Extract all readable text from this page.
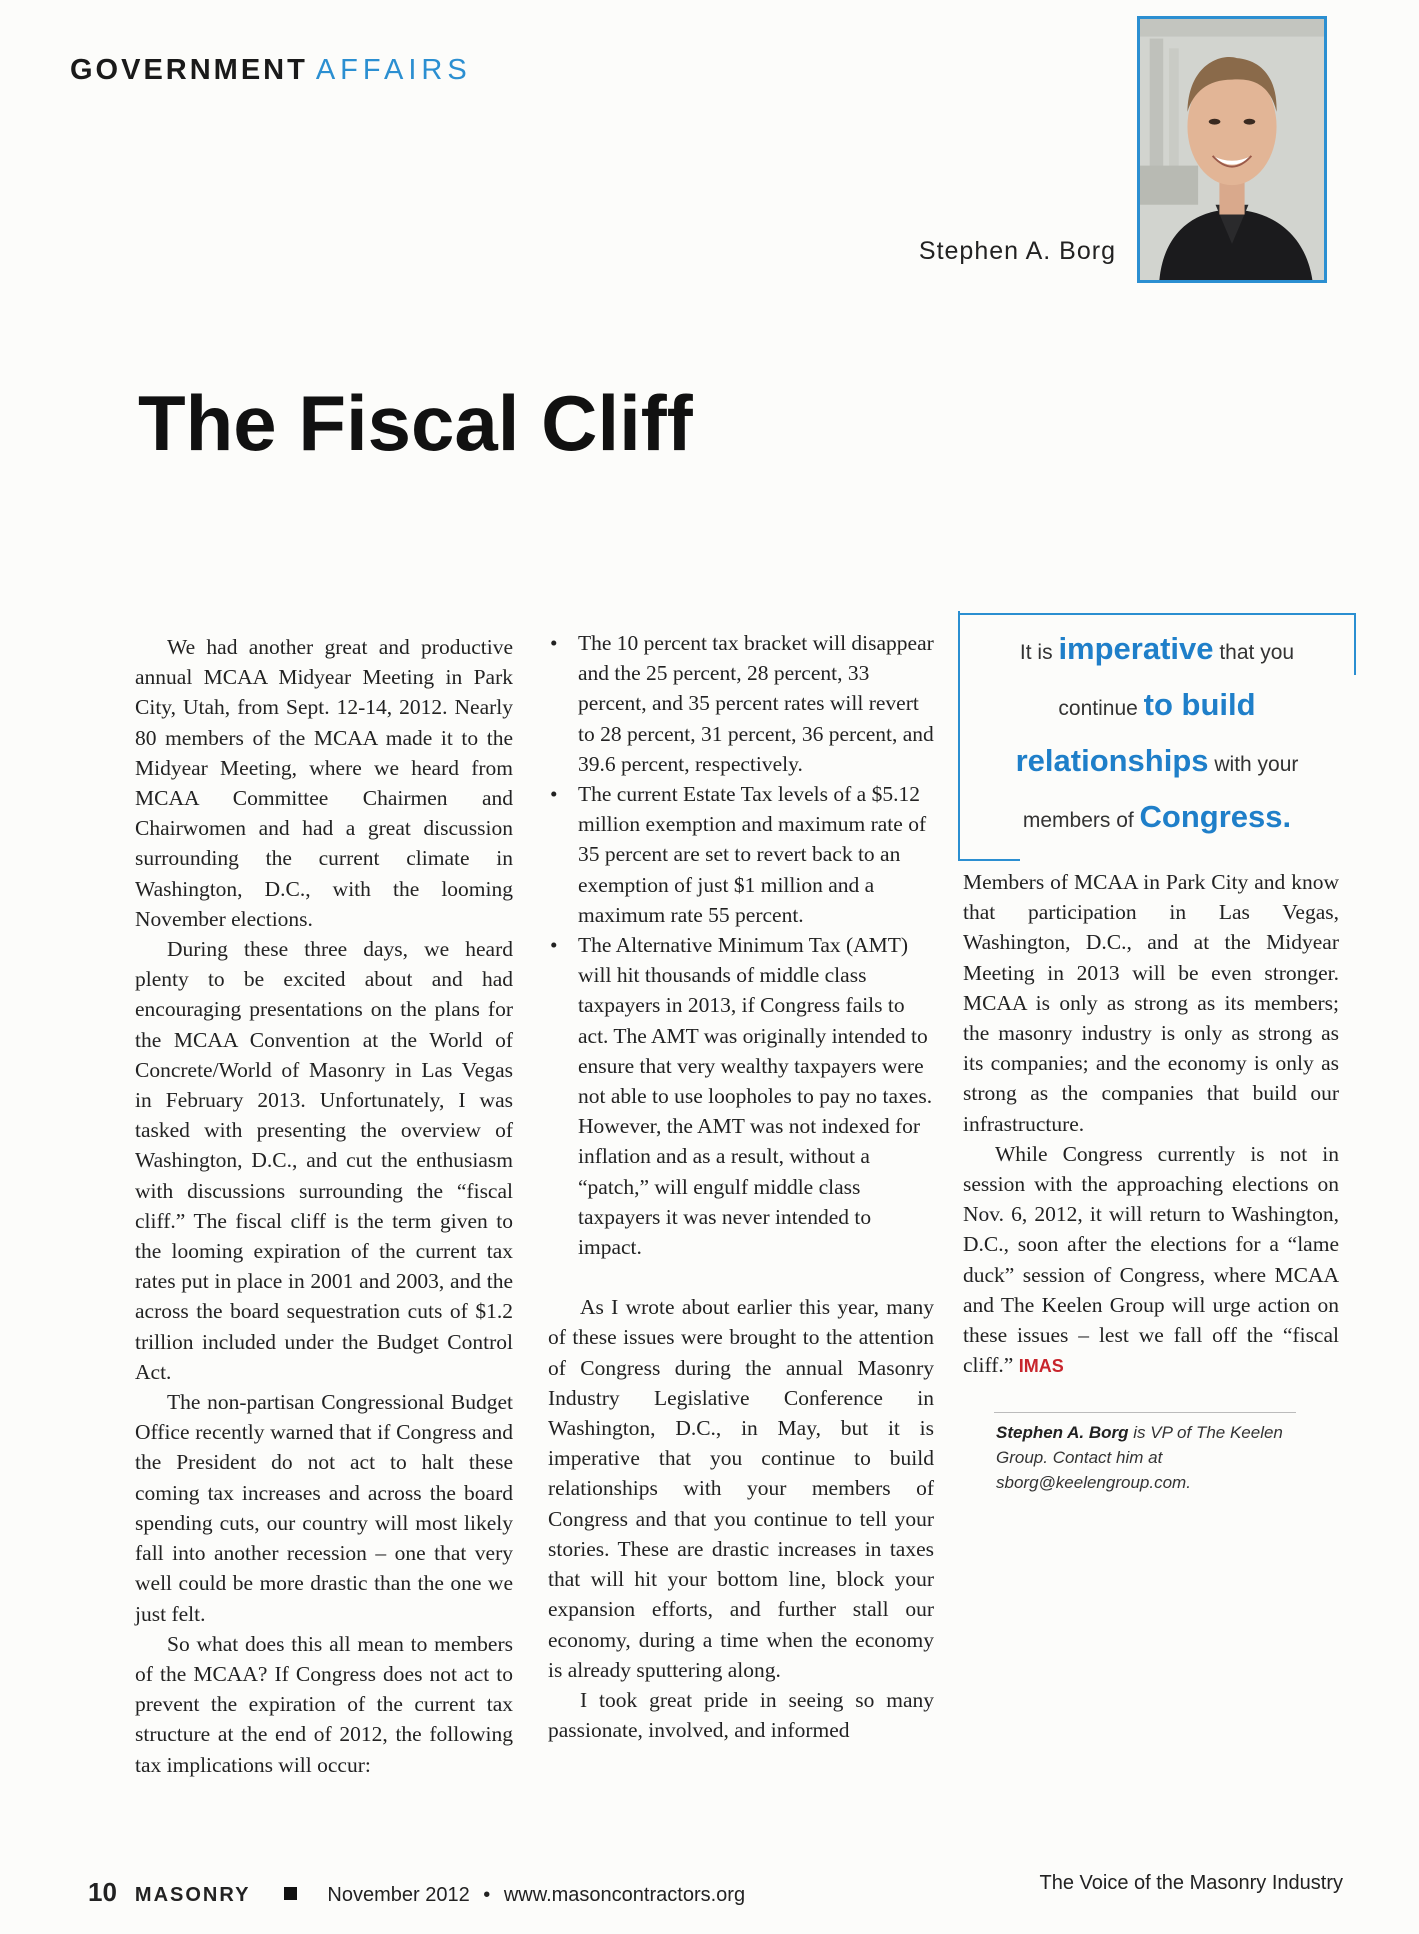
GOVERNMENT AFFAIRS
Stephen A. Borg
The Fiscal Cliff

We had another great and productive annual MCAA Midyear Meeting in Park City, Utah, from Sept. 12-14, 2012. Nearly 80 members of the MCAA made it to the Midyear Meeting, where we heard from MCAA Committee Chairmen and Chairwomen and had a great discussion surrounding the current climate in Washington, D.C., with the looming November elections.

During these three days, we heard plenty to be excited about and had encouraging presentations on the plans for the MCAA Convention at the World of Concrete/World of Masonry in Las Vegas in February 2013. Unfortunately, I was tasked with presenting the overview of Washington, D.C., and cut the enthusiasm with discussions surrounding the “fiscal cliff.” The fiscal cliff is the term given to the looming expiration of the current tax rates put in place in 2001 and 2003, and the across the board sequestration cuts of $1.2 trillion included under the Budget Control Act.

The non-partisan Congressional Budget Office recently warned that if Congress and the President do not act to halt these coming tax increases and across the board spending cuts, our country will most likely fall into another recession – one that very well could be more drastic than the one we just felt.

So what does this all mean to members of the MCAA? If Congress does not act to prevent the expiration of the current tax structure at the end of 2012, the following tax implications will occur:

• The 10 percent tax bracket will disappear and the 25 percent, 28 percent, 33 percent, and 35 percent rates will revert to 28 percent, 31 percent, 36 percent, and 39.6 percent, respectively.
• The current Estate Tax levels of a $5.12 million exemption and maximum rate of 35 percent are set to revert back to an exemption of just $1 million and a maximum rate 55 percent.
• The Alternative Minimum Tax (AMT) will hit thousands of middle class taxpayers in 2013, if Congress fails to act. The AMT was originally intended to ensure that very wealthy taxpayers were not able to use loopholes to pay no taxes. However, the AMT was not indexed for inflation and as a result, without a “patch,” will engulf middle class taxpayers it was never intended to impact.

As I wrote about earlier this year, many of these issues were brought to the attention of Congress during the annual Masonry Industry Legislative Conference in Washington, D.C., in May, but it is imperative that you continue to build relationships with your members of Congress and that you continue to tell your stories. These are drastic increases in taxes that will hit your bottom line, block your expansion efforts, and further stall our economy, during a time when the economy is already sputtering along.

I took great pride in seeing so many passionate, involved, and informed

It is imperative that you
continue to build
relationships with your
members of Congress.

Members of MCAA in Park City and know that participation in Las Vegas, Washington, D.C., and at the Midyear Meeting in 2013 will be even stronger. MCAA is only as strong as its members; the masonry industry is only as strong as its companies; and the economy is only as strong as the companies that build our infrastructure.

While Congress currently is not in session with the approaching elections on Nov. 6, 2012, it will return to Washington, D.C., soon after the elections for a “lame duck” session of Congress, where MCAA and The Keelen Group will urge action on these issues – lest we fall off the “fiscal cliff.” IMAS

Stephen A. Borg is VP of The Keelen Group. Contact him at sborg@keelengroup.com.
10 MASONRY	November 2012 • www.masoncontractors.org
The Voice of the Masonry Industry
